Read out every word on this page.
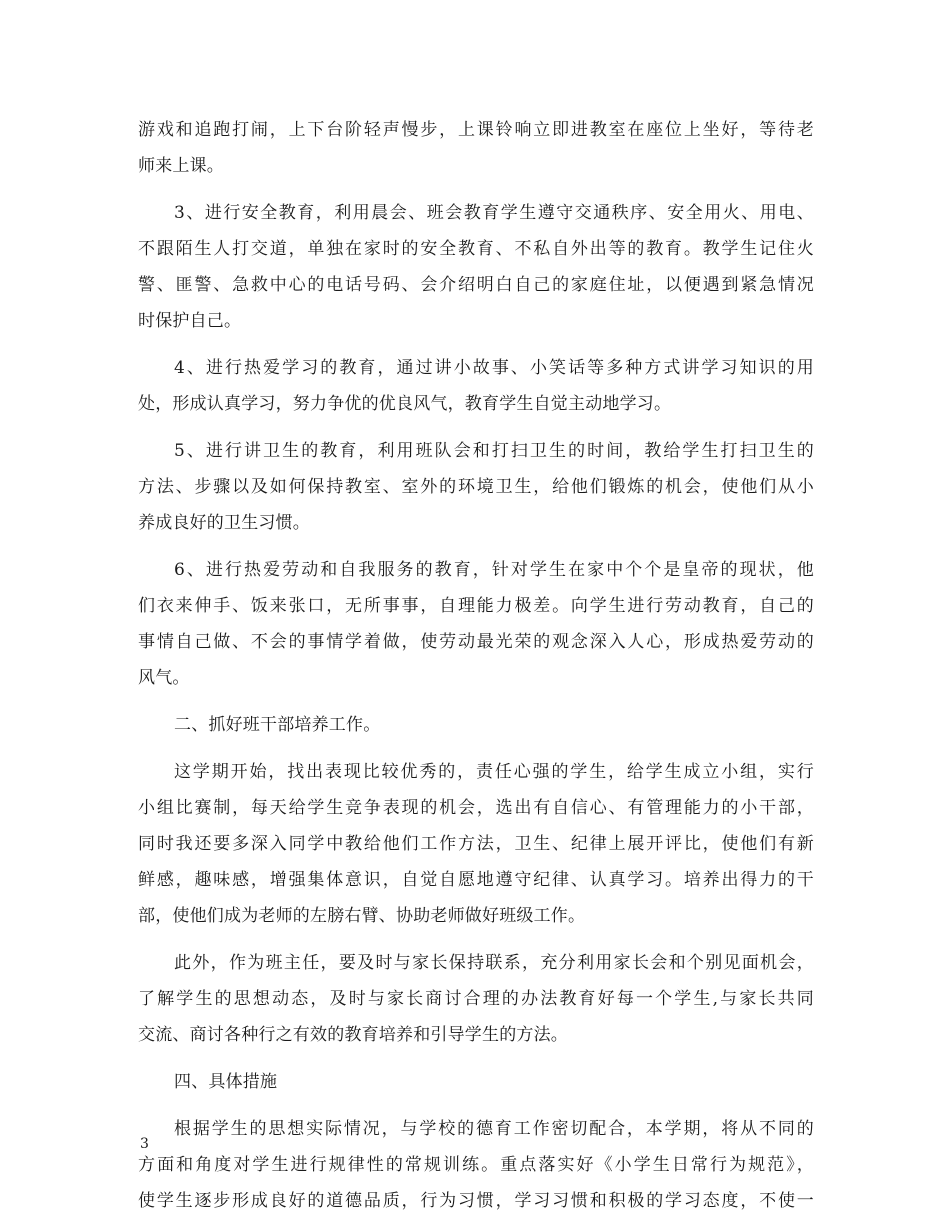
游戏和追跑打闹，上下台阶轻声慢步，上课铃响立即进教室在座位上坐好，等待老
师来上课。
3、进行安全教育，利用晨会、班会教育学生遵守交通秩序、安全用火、用电、
不跟陌生人打交道，单独在家时的安全教育、不私自外出等的教育。教学生记住火
警、匪警、急救中心的电话号码、会介绍明白自己的家庭住址，以便遇到紧急情况
时保护自己。
4、进行热爱学习的教育，通过讲小故事、小笑话等多种方式讲学习知识的用
处，形成认真学习，努力争优的优良风气，教育学生自觉主动地学习。
5、进行讲卫生的教育，利用班队会和打扫卫生的时间，教给学生打扫卫生的
方法、步骤以及如何保持教室、室外的环境卫生，给他们锻炼的机会，使他们从小
养成良好的卫生习惯。
6、进行热爱劳动和自我服务的教育，针对学生在家中个个是皇帝的现状，他
们衣来伸手、饭来张口，无所事事，自理能力极差。向学生进行劳动教育，自己的
事情自己做、不会的事情学着做，使劳动最光荣的观念深入人心，形成热爱劳动的
风气。
二、抓好班干部培养工作。
这学期开始，找出表现比较优秀的，责任心强的学生，给学生成立小组，实行
小组比赛制，每天给学生竞争表现的机会，选出有自信心、有管理能力的小干部，
同时我还要多深入同学中教给他们工作方法，卫生、纪律上展开评比，使他们有新
鲜感，趣味感，增强集体意识，自觉自愿地遵守纪律、认真学习。培养出得力的干
部，使他们成为老师的左膀右臂、协助老师做好班级工作。
此外，作为班主任，要及时与家长保持联系，充分利用家长会和个别见面机会，
了解学生的思想动态，及时与家长商讨合理的办法教育好每一个学生,与家长共同
交流、商讨各种行之有效的教育培养和引导学生的方法。
四、具体措施
根据学生的思想实际情况，与学校的德育工作密切配合，本学期，将从不同的
方面和角度对学生进行规律性的常规训练。重点落实好《小学生日常行为规范》，
使学生逐步形成良好的道德品质，行为习惯，学习习惯和积极的学习态度，不使一
3
